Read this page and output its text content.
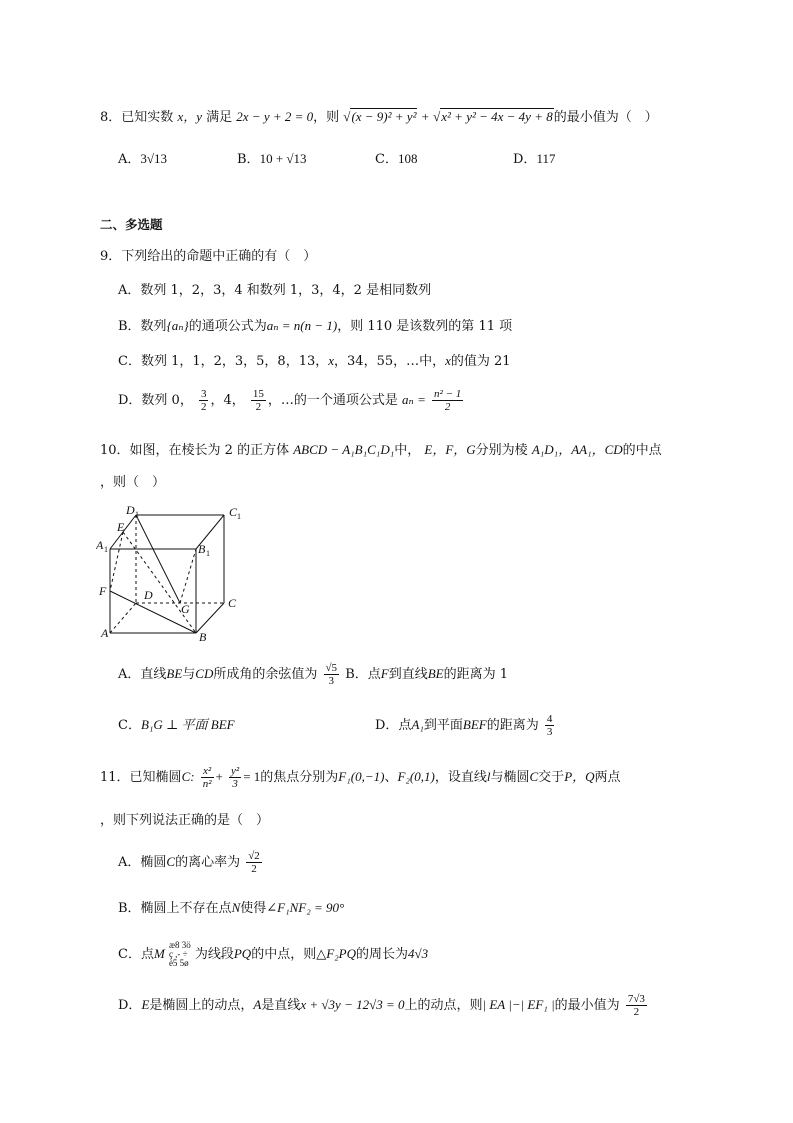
8．已知实数 x，y 满足 2x − y + 2 = 0，则 √(x − 9)² + y² + √x² + y² − 4x − 4y + 8的最小值为（　）
A．3√13	B．10 + √13	C．108	D．117
二、多选题
9．下列给出的命题中正确的有（　）
A．数列 1，2，3，4 和数列 1，3，4，2 是相同数列
B．数列{aₙ}的通项公式为aₙ = n(n − 1)，则 110 是该数列的第 11 项
C．数列 1，1，2，3，5，8，13，x，34，55，…中，x的值为 21
D．数列 0， $\frac{3}{2}$ ，4， $\frac{15}{2}$ ，…的一个通项公式是 $a_n = \frac{\text{n² − 1}}{2}$
10．如图，在棱长为 2 的正方体 ABCD − A₁B₁C₁D₁中， E，F，G分别为棱 A₁D₁，AA₁，CD的中点
，则（　）
D 1	C 1
E
A 1	B 1
F	D
G	C
A	B
A．直线BE与CD所成角的余弦值为 $\frac{√5}{3}$ B．点F到直线BE的距离为 1
C．B₁G ⊥ 平面 BEF	D．点A₁到平面BEF的距离为 $\frac{4}{3}$
11．已知椭圆C: $\frac{\text{x²}}{\text{n²}} + \frac{\text{y²}}{3} = 1$的焦点分别为F₁(0,−1)、F₂(0,1)，设直线l与椭圆C交于P，Q两点
，则下列说法正确的是（　）
A．椭圆C的离心率为 $\frac{√2}{2}$
B．椭圆上不存在点N使得∠F₁NF₂ = 90°
C．点M
æ8 3ö
ç ,- ÷
è5 5ø
为线段PQ的中点，则△F₂PQ的周长为4√3
D．E是椭圆上的动点，A是直线x + √3y − 12√3 = 0上的动点，则| EA |−| EF₁ |的最小值为 $\frac{7√3}{2}$
